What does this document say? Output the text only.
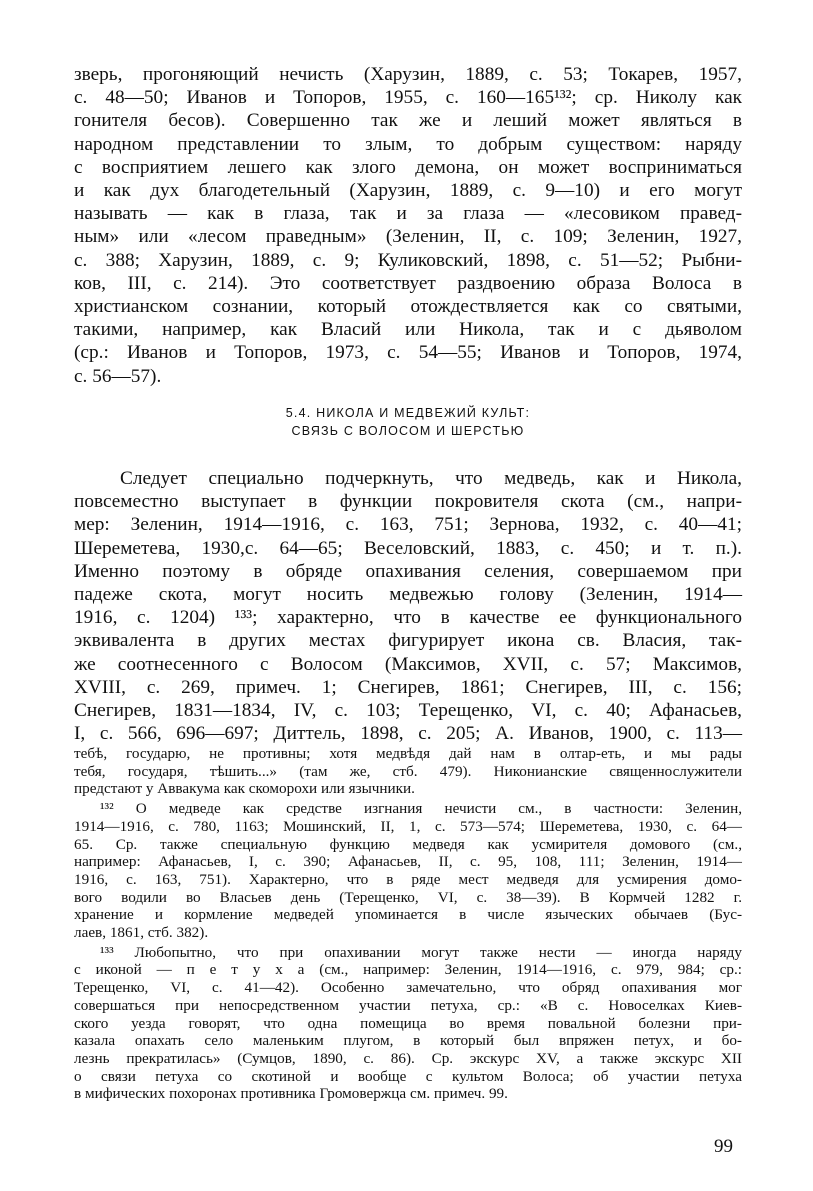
зверь, прогоняющий нечисть (Харузин, 1889, с. 53; Токарев, 1957,
с. 48—50; Иванов и Топоров, 1955, с. 160—165¹³²; ср. Николу как
гонителя бесов). Совершенно так же и леший может являться в
народном представлении то злым, то добрым существом: наряду
с восприятием лешего как злого демона, он может восприниматься
и как дух благодетельный (Харузин, 1889, с. 9—10) и его могут
называть — как в глаза, так и за глаза — «лесовиком правед-
ным» или «лесом праведным» (Зеленин, II, с. 109; Зеленин, 1927,
с. 388; Харузин, 1889, с. 9; Куликовский, 1898, с. 51—52; Рыбни-
ков, III, с. 214). Это соответствует раздвоению образа Волоса в
христианском сознании, который отождествляется как со святыми,
такими, например, как Власий или Никола, так и с дьяволом
(ср.: Иванов и Топоров, 1973, с. 54—55; Иванов и Топоров, 1974,
с. 56—57).
5.4. НИКОЛА И МЕДВЕЖИЙ КУЛЬТ:
СВЯЗЬ С ВОЛОСОМ И ШЕРСТЬЮ
Следует специально подчеркнуть, что медведь, как и Никола,
повсеместно выступает в функции покровителя скота (см., напри-
мер: Зеленин, 1914—1916, с. 163, 751; Зернова, 1932, с. 40—41;
Шереметева, 1930,с. 64—65; Веселовский, 1883, с. 450; и т. п.).
Именно поэтому в обряде опахивания селения, совершаемом при
падеже скота, могут носить медвежью голову (Зеленин, 1914—
1916, с. 1204) ¹³³; характерно, что в качестве ее функционального
эквивалента в других местах фигурирует икона св. Власия, так-
же соотнесенного с Волосом (Максимов, XVII, с. 57; Максимов,
XVIII, с. 269, примеч. 1; Снегирев, 1861; Снегирев, III, с. 156;
Снегирев, 1831—1834, IV, с. 103; Терещенко, VI, с. 40; Афанасьев,
I, с. 566, 696—697; Диттель, 1898, с. 205; А. Иванов, 1900, с. 113—
тебѣ, государю, не противны; хотя медвѣдя дай нам в олтар-еть, и мы рады
тебя, государя, тѣшить...» (там же, стб. 479). Никонианские священнослужители
предстают у Аввакума как скоморохи или язычники.
¹³² О медведе как средстве изгнания нечисти см., в частности: Зеленин,
1914—1916, с. 780, 1163; Мошинский, II, 1, с. 573—574; Шереметева, 1930, с. 64—
65. Ср. также специальную функцию медведя как усмирителя домового (см.,
например: Афанасьев, I, с. 390; Афанасьев, II, с. 95, 108, 111; Зеленин, 1914—
1916, с. 163, 751). Характерно, что в ряде мест медведя для усмирения домо-
вого водили во Власьев день (Терещенко, VI, с. 38—39). В Кормчей 1282 г.
хранение и кормление медведей упоминается в числе языческих обычаев (Бус-
лаев, 1861, стб. 382).
¹³³ Любопытно, что при опахивании могут также нести — иногда наряду
с иконой — п е т у х а (см., например: Зеленин, 1914—1916, с. 979, 984; ср.:
Терещенко, VI, с. 41—42). Особенно замечательно, что обряд опахивания мог
совершаться при непосредственном участии петуха, ср.: «В с. Новоселках Киев-
ского уезда говорят, что одна помещица во время повальной болезни при-
казала опахать село маленьким плугом, в который был впряжен петух, и бо-
лезнь прекратилась» (Сумцов, 1890, с. 86). Ср. экскурс XV, а также экскурс XII
о связи петуха со скотиной и вообще с культом Волоса; об участии петуха
в мифических похоронах противника Громовержца см. примеч. 99.
99
